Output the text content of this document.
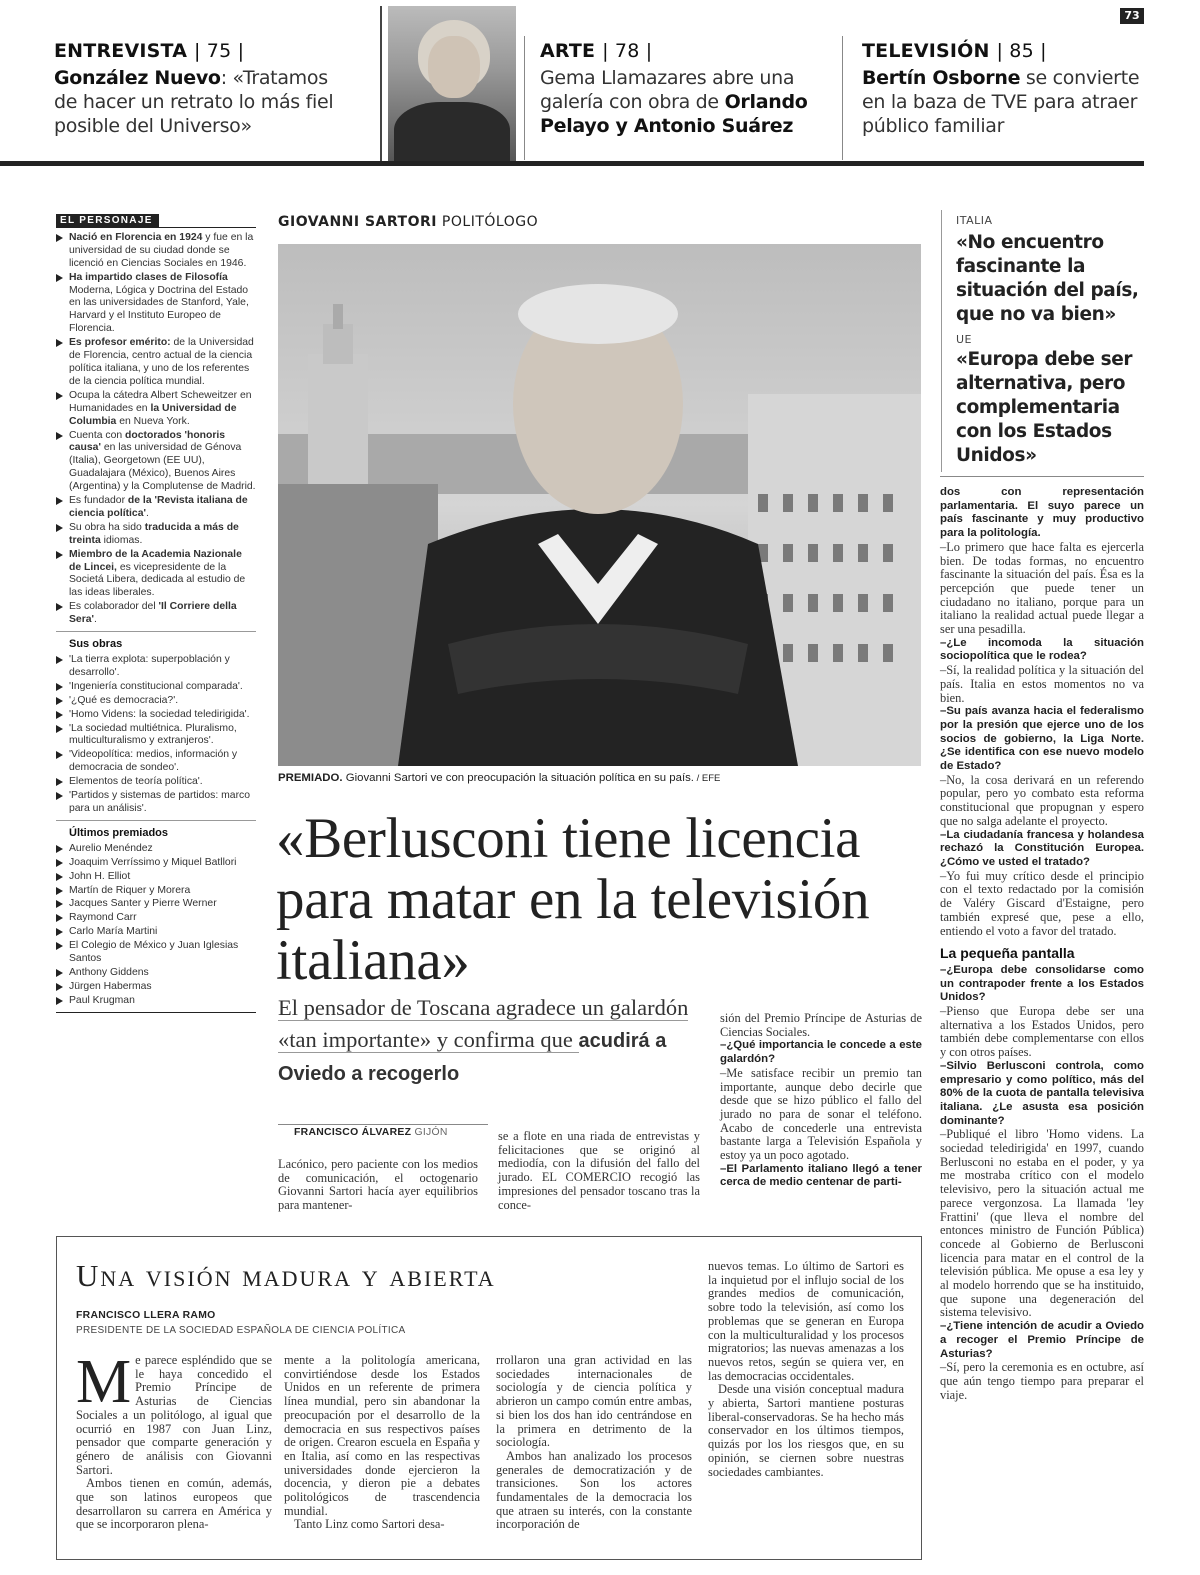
73
ENTREVISTA | 75 |
González Nuevo: «Tratamos de hacer un retrato lo más fiel posible del Universo»
ARTE | 78 |
Gema Llamazares abre una galería con obra de Orlando Pelayo y Antonio Suárez
TELEVISIÓN | 85 |
Bertín Osborne se convierte en la baza de TVE para atraer público familiar
EL PERSONAJE
Nació en Florencia en 1924 y fue en la universidad de su ciudad donde se licenció en Ciencias Sociales en 1946.
Ha impartido clases de Filosofía Moderna, Lógica y Doctrina del Estado en las universidades de Stanford, Yale, Harvard y el Instituto Europeo de Florencia.
Es profesor emérito: de la Universidad de Florencia, centro actual de la ciencia política italiana, y uno de los referentes de la ciencia política mundial.
Ocupa la cátedra Albert Scheweitzer en Humanidades en la Universidad de Columbia en Nueva York.
Cuenta con doctorados 'honoris causa' en las universidad de Génova (Italia), Georgetown (EE UU), Guadalajara (México), Buenos Aires (Argentina) y la Complutense de Madrid.
Es fundador de la 'Revista italiana de ciencia política'.
Su obra ha sido traducida a más de treinta idiomas.
Miembro de la Academia Nazionale de Lincei, es vicepresidente de la Societá Libera, dedicada al estudio de las ideas liberales.
Es colaborador del 'Il Corriere della Sera'.
Sus obras
'La tierra explota: superpoblación y desarrollo'.
'Ingeniería constitucional comparada'.
'¿Qué es democracia?'.
'Homo Videns: la sociedad teledirigida'.
'La sociedad multiétnica. Pluralismo, multiculturalismo y extranjeros'.
'Videopolítica: medios, información y democracia de sondeo'.
Elementos de teoría política'.
'Partidos y sistemas de partidos: marco para un análisis'.
Últimos premiados
Aurelio Menéndez
Joaquim Verríssimo y Miquel Batllori
John H. Elliot
Martín de Riquer y Morera
Jacques Santer y Pierre Werner
Raymond Carr
Carlo María Martini
El Colegio de México y Juan Iglesias Santos
Anthony Giddens
Jürgen Habermas
Paul Krugman
GIOVANNI SARTORI POLITÓLOGO
PREMIADO. Giovanni Sartori ve con preocupación la situación política en su país. / EFE
«Berlusconi tiene licencia para matar en la televisión italiana»
El pensador de Toscana agradece un galardón «tan importante» y confirma que acudirá a Oviedo a recogerlo
FRANCISCO ÁLVAREZ GIJÓN

Lacónico, pero paciente con los medios de comunicación, el octogenario Giovanni Sartori hacía ayer equilibrios para mantener-

se a flote en una riada de entrevistas y felicitaciones que se originó al mediodía, con la difusión del fallo del jurado. EL COMERCIO recogió las impresiones del pensador toscano tras la conce-

sión del Premio Príncipe de Asturias de Ciencias Sociales.

–¿Qué importancia le concede a este galardón?

–Me satisface recibir un premio tan importante, aunque debo decirle que desde que se hizo público el fallo del jurado no para de sonar el teléfono. Acabo de concederle una entrevista bastante larga a Televisión Española y estoy ya un poco agotado.

–El Parlamento italiano llegó a tener cerca de medio centenar de parti-
ITALIA
«No encuentro fascinante la situación del país, que no va bien»
UE
«Europa debe ser alternativa, pero complementaria con los Estados Unidos»
dos con representación parlamentaria. El suyo parece un país fascinante y muy productivo para la politología.

–Lo primero que hace falta es ejercerla bien. De todas formas, no encuentro fascinante la situación del país. Ésa es la percepción que puede tener un ciudadano no italiano, porque para un italiano la realidad actual puede llegar a ser una pesadilla.

–¿Le incomoda la situación sociopolítica que le rodea?

–Sí, la realidad política y la situación del país. Italia en estos momentos no va bien.

–Su país avanza hacia el federalismo por la presión que ejerce uno de los socios de gobierno, la Liga Norte. ¿Se identifica con ese nuevo modelo de Estado?

–No, la cosa derivará en un referendo popular, pero yo combato esta reforma constitucional que propugnan y espero que no salga adelante el proyecto.

–La ciudadanía francesa y holandesa rechazó la Constitución Europea. ¿Cómo ve usted el tratado?

–Yo fui muy crítico desde el principio con el texto redactado por la comisión de Valéry Giscard d'Estaigne, pero también expresé que, pese a ello, entiendo el voto a favor del tratado.

La pequeña pantalla
–¿Europa debe consolidarse como un contrapoder frente a los Estados Unidos?

–Pienso que Europa debe ser una alternativa a los Estados Unidos, pero también debe complementarse con ellos y con otros países.

–Silvio Berlusconi controla, como empresario y como político, más del 80% de la cuota de pantalla televisiva italiana. ¿Le asusta esa posición dominante?

–Publiqué el libro 'Homo videns. La sociedad teledirigida' en 1997, cuando Berlusconi no estaba en el poder, y ya me mostraba crítico con el modelo televisivo, pero la situación actual me parece vergonzosa. La llamada 'ley Frattini' (que lleva el nombre del entonces ministro de Función Pública) concede al Gobierno de Berlusconi licencia para matar en el control de la televisión pública. Me opuse a esa ley y al modelo horrendo que se ha instituido, que supone una degeneración del sistema televisivo.

–¿Tiene intención de acudir a Oviedo a recoger el Premio Príncipe de Asturias?

–Sí, pero la ceremonia es en octubre, así que aún tengo tiempo para preparar el viaje.

Una visión madura y abierta
FRANCISCO LLERA RAMO
PRESIDENTE DE LA SOCIEDAD ESPAÑOLA DE CIENCIA POLÍTICA

Me parece espléndido que se le haya concedido el Premio Príncipe de Asturias de Ciencias Sociales a un politólogo, al igual que ocurrió en 1987 con Juan Linz, pensador que comparte generación y género de análisis con Giovanni Sartori.

Ambos tienen en común, además, que son latinos europeos que desarrollaron su carrera en América y que se incorporaron plena-

mente a la politología americana, convirtiéndose desde los Estados Unidos en un referente de primera línea mundial, pero sin abandonar la preocupación por el desarrollo de la democracia en sus respectivos países de origen. Crearon escuela en España y en Italia, así como en las respectivas universidades donde ejercieron la docencia, y dieron pie a debates politológicos de trascendencia mundial.

Tanto Linz como Sartori desa-

rrollaron una gran actividad en las sociedades internacionales de sociología y de ciencia política y abrieron un campo común entre ambas, si bien los dos han ido centrándose en la primera en detrimento de la sociología.

Ambos han analizado los procesos generales de democratización y de transiciones. Son los actores fundamentales de la democracia los que atraen su interés, con la constante incorporación de

nuevos temas. Lo último de Sartori es la inquietud por el influjo social de los grandes medios de comunicación, sobre todo la televisión, así como los problemas que se generan en Europa con la multiculturalidad y los procesos migratorios; las nuevas amenazas a los nuevos retos, según se quiera ver, en las democracias occidentales.

Desde una visión conceptual madura y abierta, Sartori mantiene posturas liberal-conservadoras. Se ha hecho más conservador en los últimos tiempos, quizás por los los riesgos que, en su opinión, se ciernen sobre nuestras sociedades cambiantes.
